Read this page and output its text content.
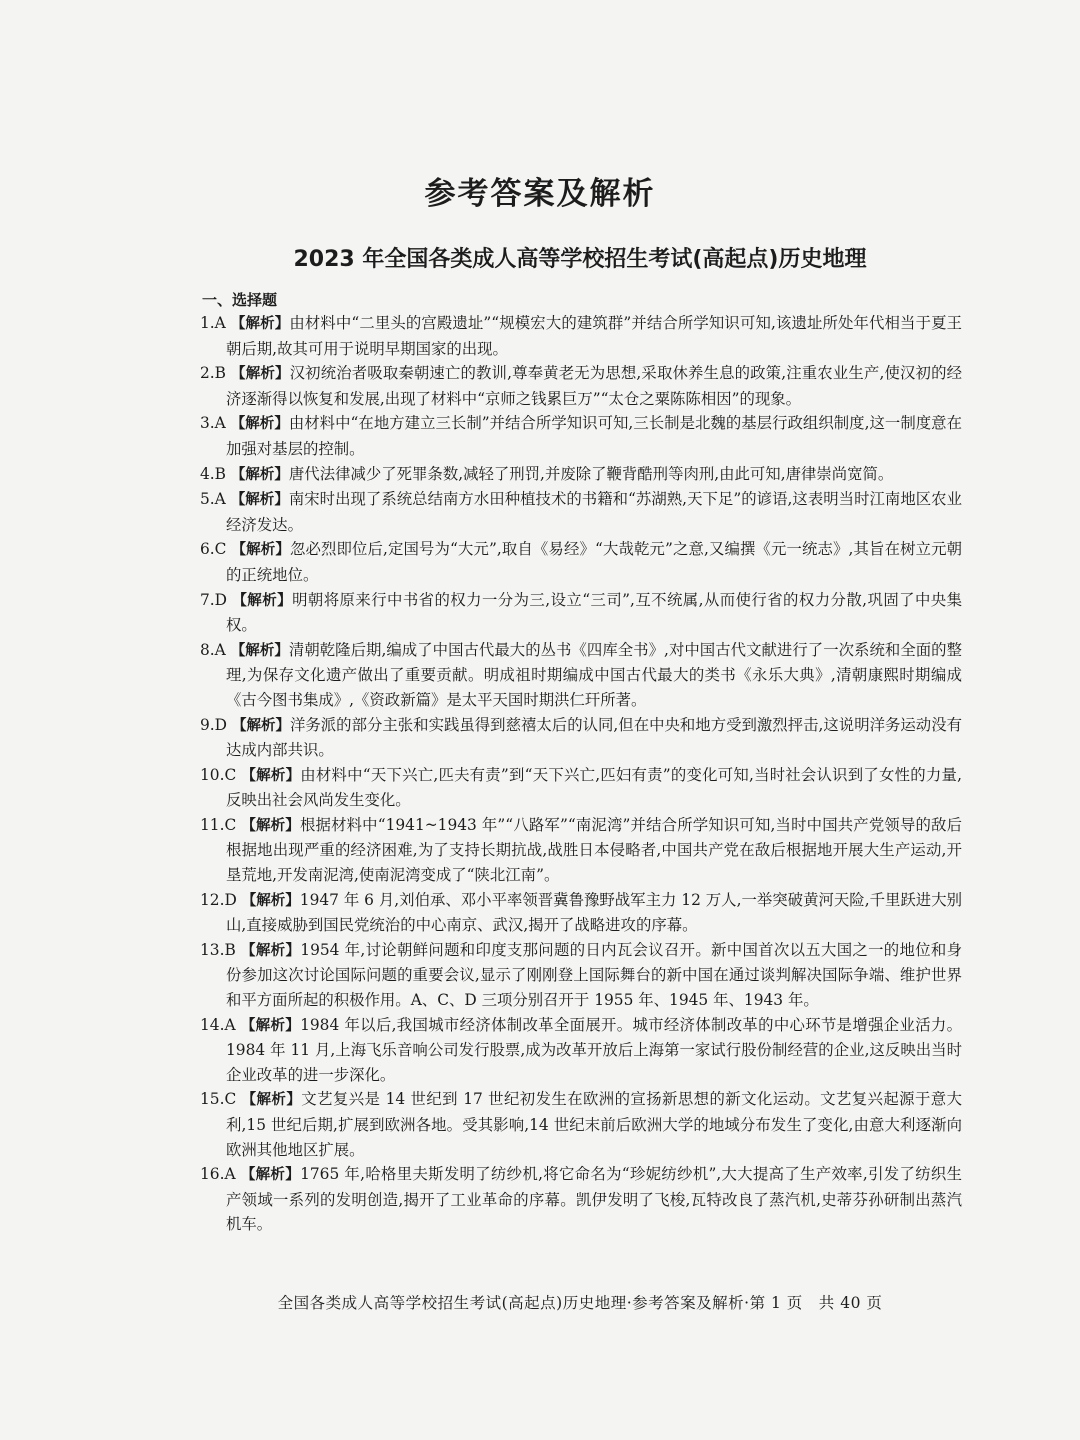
参考答案及解析
2023 年全国各类成人高等学校招生考试(高起点)历史地理
一、选择题

1.A 【解析】由材料中“二里头的宫殿遗址”“规模宏大的建筑群”并结合所学知识可知,该遗址所处年代相当于夏王朝后期,故其可用于说明早期国家的出现。

2.B 【解析】汉初统治者吸取秦朝速亡的教训,尊奉黄老无为思想,采取休养生息的政策,注重农业生产,使汉初的经济逐渐得以恢复和发展,出现了材料中“京师之钱累巨万”“太仓之粟陈陈相因”的现象。

3.A 【解析】由材料中“在地方建立三长制”并结合所学知识可知,三长制是北魏的基层行政组织制度,这一制度意在加强对基层的控制。

4.B 【解析】唐代法律减少了死罪条数,减轻了刑罚,并废除了鞭背酷刑等肉刑,由此可知,唐律崇尚宽简。

5.A 【解析】南宋时出现了系统总结南方水田种植技术的书籍和“苏湖熟,天下足”的谚语,这表明当时江南地区农业经济发达。

6.C 【解析】忽必烈即位后,定国号为“大元”,取自《易经》“大哉乾元”之意,又编撰《元一统志》,其旨在树立元朝的正统地位。

7.D 【解析】明朝将原来行中书省的权力一分为三,设立“三司”,互不统属,从而使行省的权力分散,巩固了中央集权。

8.A 【解析】清朝乾隆后期,编成了中国古代最大的丛书《四库全书》,对中国古代文献进行了一次系统和全面的整理,为保存文化遗产做出了重要贡献。明成祖时期编成中国古代最大的类书《永乐大典》,清朝康熙时期编成《古今图书集成》,《资政新篇》是太平天国时期洪仁玕所著。

9.D 【解析】洋务派的部分主张和实践虽得到慈禧太后的认同,但在中央和地方受到激烈抨击,这说明洋务运动没有达成内部共识。

10.C 【解析】由材料中“天下兴亡,匹夫有责”到“天下兴亡,匹妇有责”的变化可知,当时社会认识到了女性的力量,反映出社会风尚发生变化。

11.C 【解析】根据材料中“1941~1943 年”“八路军”“南泥湾”并结合所学知识可知,当时中国共产党领导的敌后根据地出现严重的经济困难,为了支持长期抗战,战胜日本侵略者,中国共产党在敌后根据地开展大生产运动,开垦荒地,开发南泥湾,使南泥湾变成了“陕北江南”。

12.D 【解析】1947 年 6 月,刘伯承、邓小平率领晋冀鲁豫野战军主力 12 万人,一举突破黄河天险,千里跃进大别山,直接威胁到国民党统治的中心南京、武汉,揭开了战略进攻的序幕。

13.B 【解析】1954 年,讨论朝鲜问题和印度支那问题的日内瓦会议召开。新中国首次以五大国之一的地位和身份参加这次讨论国际问题的重要会议,显示了刚刚登上国际舞台的新中国在通过谈判解决国际争端、维护世界和平方面所起的积极作用。A、C、D 三项分别召开于 1955 年、1945 年、1943 年。

14.A 【解析】1984 年以后,我国城市经济体制改革全面展开。城市经济体制改革的中心环节是增强企业活力。1984 年 11 月,上海飞乐音响公司发行股票,成为改革开放后上海第一家试行股份制经营的企业,这反映出当时企业改革的进一步深化。

15.C 【解析】文艺复兴是 14 世纪到 17 世纪初发生在欧洲的宣扬新思想的新文化运动。文艺复兴起源于意大利,15 世纪后期,扩展到欧洲各地。受其影响,14 世纪末前后欧洲大学的地域分布发生了变化,由意大利逐渐向欧洲其他地区扩展。

16.A 【解析】1765 年,哈格里夫斯发明了纺纱机,将它命名为“珍妮纺纱机”,大大提高了生产效率,引发了纺织生产领域一系列的发明创造,揭开了工业革命的序幕。凯伊发明了飞梭,瓦特改良了蒸汽机,史蒂芬孙研制出蒸汽机车。

全国各类成人高等学校招生考试(高起点)历史地理·参考答案及解析·第 1 页　共 40 页
